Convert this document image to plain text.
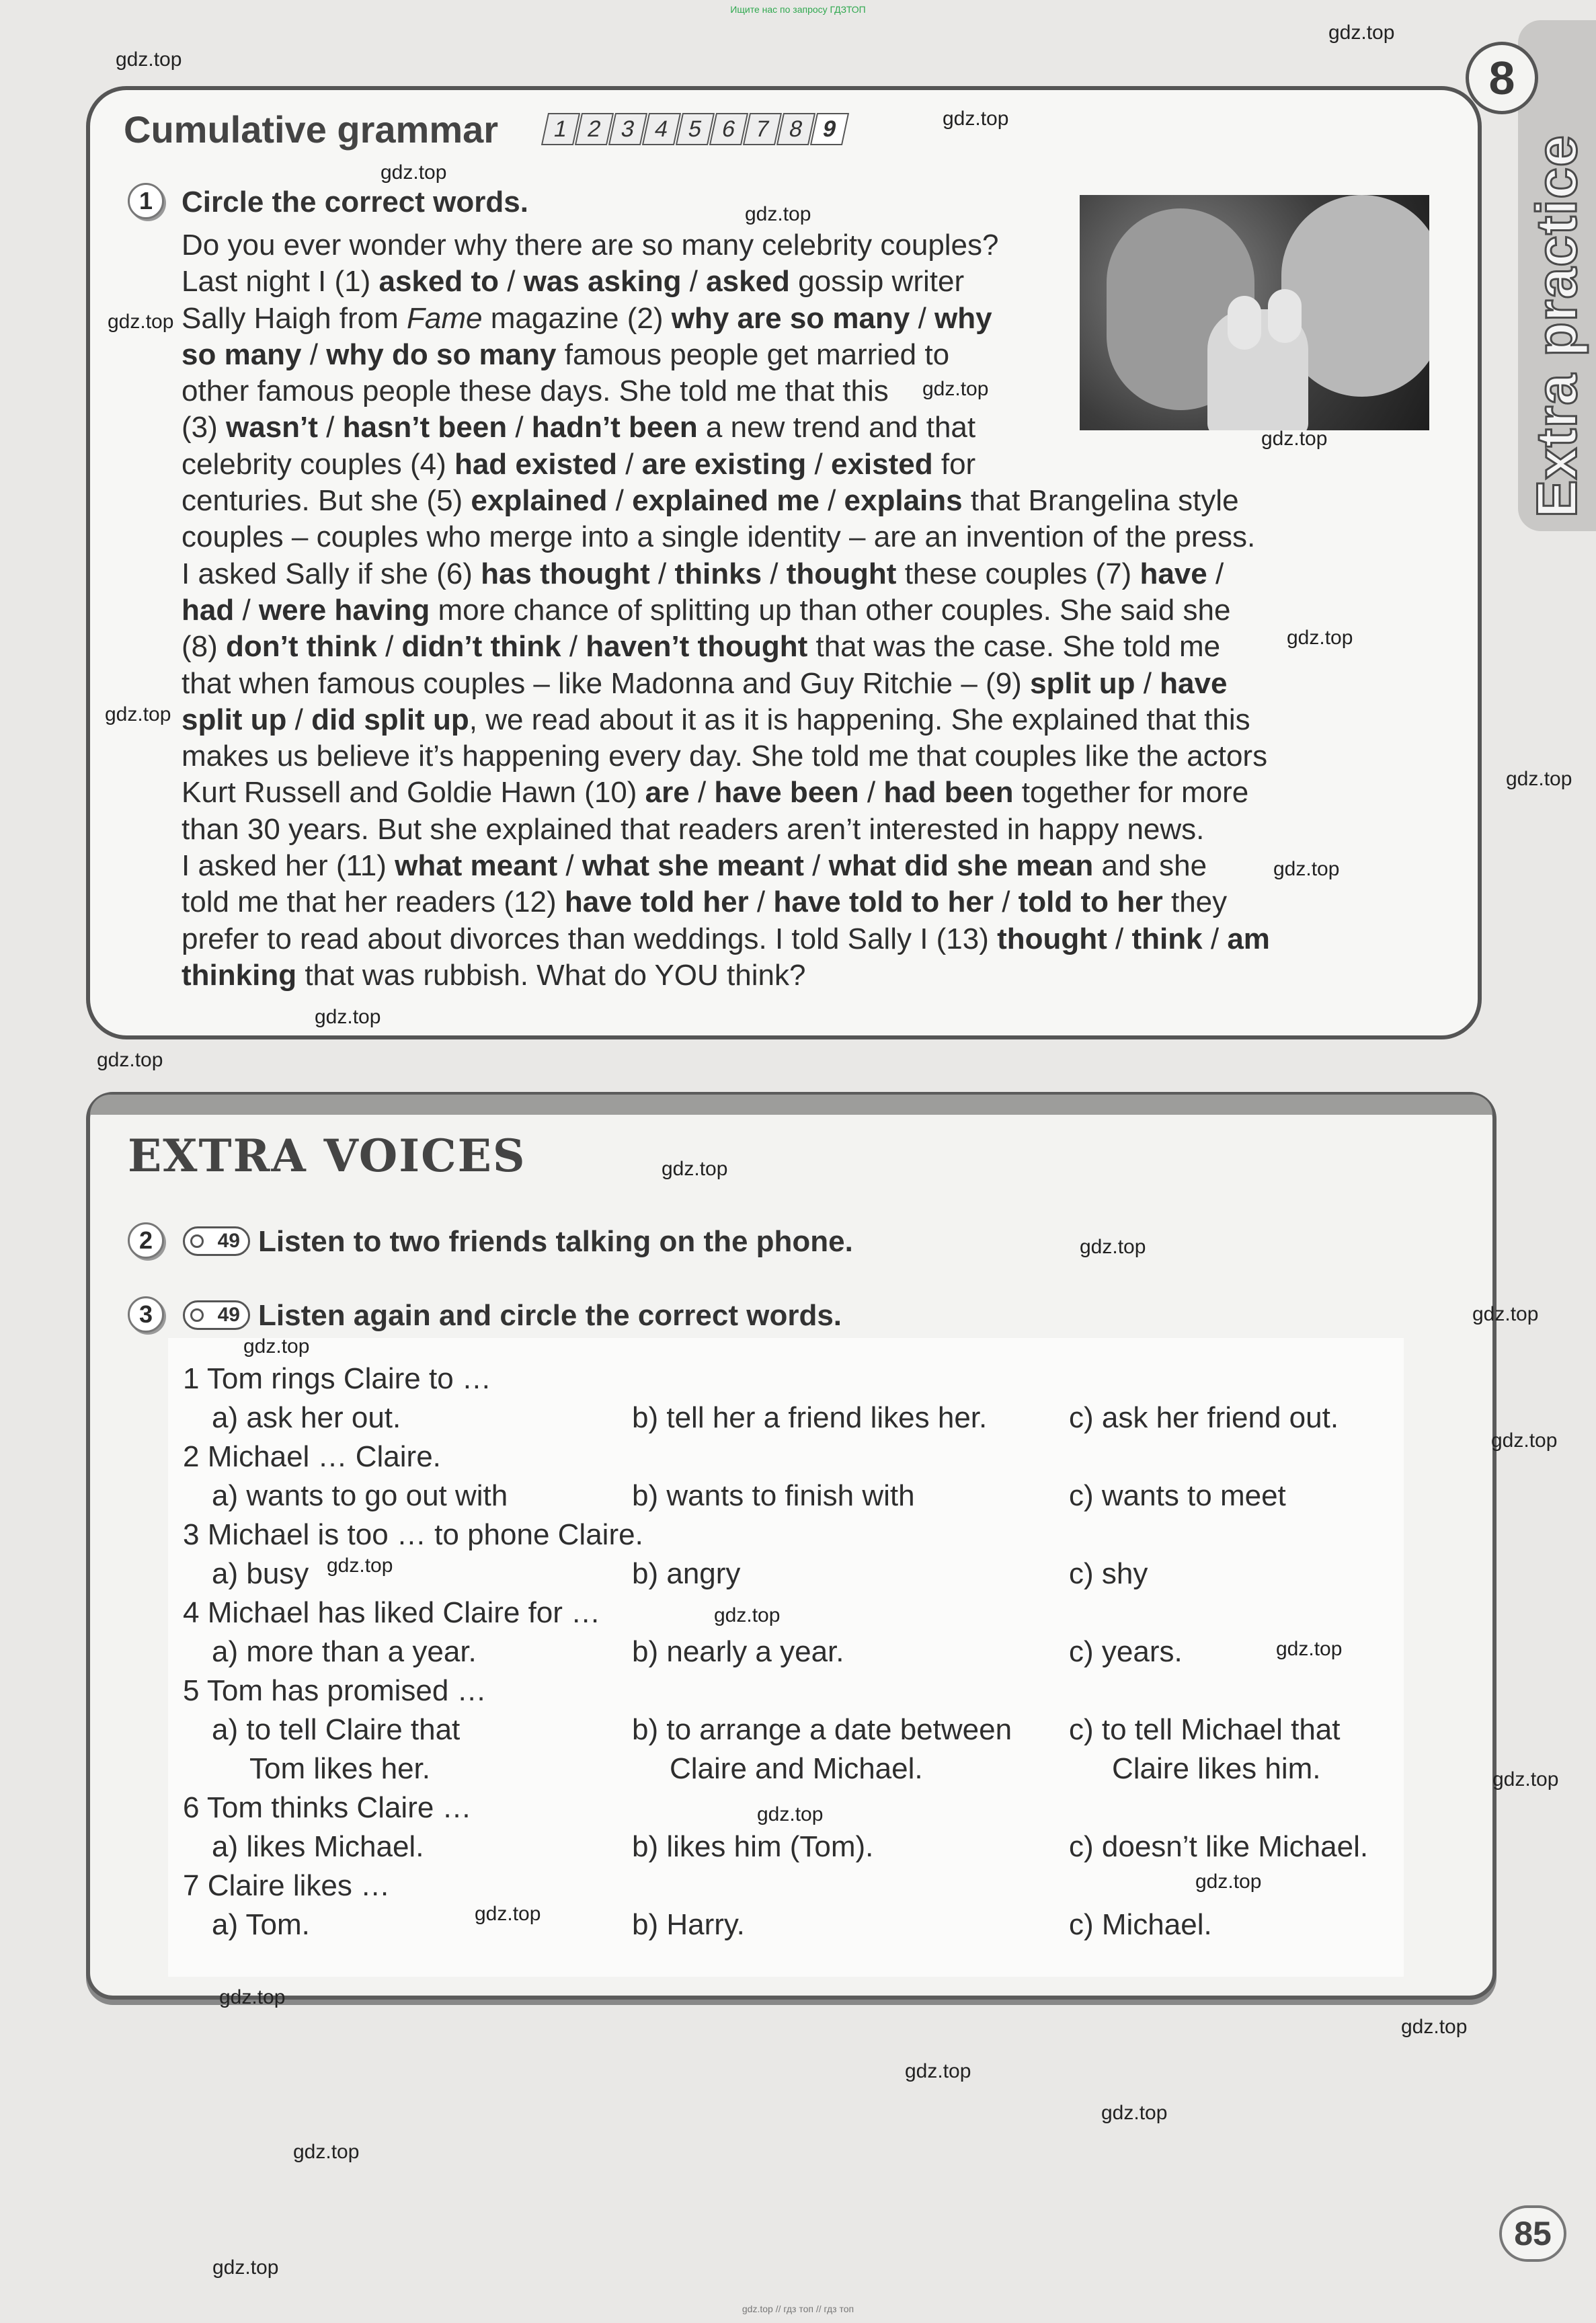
Ищите нас по запросу ГДЗТОП
Extra practice
8
Cumulative grammar	1 2 3 4 5 6 7 8 9
1 Circle the correct words.
Do you ever wonder why there are so many celebrity couples?
Last night I (1) asked to / was asking / asked gossip writer
Sally Haigh from Fame magazine (2) why are so many / why
so many / why do so many famous people get married to
other famous people these days. She told me that this
(3) wasn’t / hasn’t been / hadn’t been a new trend and that
celebrity couples (4) had existed / are existing / existed for
centuries. But she (5) explained / explained me / explains that Brangelina style
couples – couples who merge into a single identity – are an invention of the press.
I asked Sally if she (6) has thought / thinks / thought these couples (7) have /
had / were having more chance of splitting up than other couples. She said she
(8) don’t think / didn’t think / haven’t thought that was the case. She told me
that when famous couples – like Madonna and Guy Ritchie – (9) split up / have
split up / did split up, we read about it as it is happening. She explained that this
makes us believe it’s happening every day. She told me that couples like the actors
Kurt Russell and Goldie Hawn (10) are / have been / had been together for more
than 30 years. But she explained that readers aren’t interested in happy news.
I asked her (11) what meant / what she meant / what did she mean and she
told me that her readers (12) have told her / have told to her / told to her they
prefer to read about divorces than weddings. I told Sally I (13) thought / think / am
thinking that was rubbish. What do YOU think?
EXTRA VOICES
2	49 Listen to two friends talking on the phone.
3	49 Listen again and circle the correct words.
1 Tom rings Claire to …
a) ask her out.	b) tell her a friend likes her.	c) ask her friend out.
2 Michael … Claire.
a) wants to go out with	b) wants to finish with	c) wants to meet
3 Michael is too … to phone Claire.
a) busy	b) angry	c) shy
4 Michael has liked Claire for …
a) more than a year.	b) nearly a year.	c) years.
5 Tom has promised …
a) to tell Claire that	b) to arrange a date between c) to tell Michael that
Tom likes her.	Claire and Michael.	Claire likes him.
6 Tom thinks Claire …
a) likes Michael.	b) likes him (Tom).	c) doesn’t like Michael.
7 Claire likes …
a) Tom.	b) Harry.	c) Michael.
85
gdz.top // гдз топ // гдз топ
gdz.top
gdz.top
gdz.top
gdz.top
gdz.top
gdz.top
gdz.top
gdz.top
gdz.top
gdz.top
gdz.top
gdz.top
gdz.top
gdz.top
gdz.top
gdz.top
gdz.top
gdz.top
gdz.top
gdz.top
gdz.top
gdz.top
gdz.top
gdz.top
gdz.top
gdz.top
gdz.top
gdz.top
gdz.top
gdz.top
gdz.top
gdz.top
